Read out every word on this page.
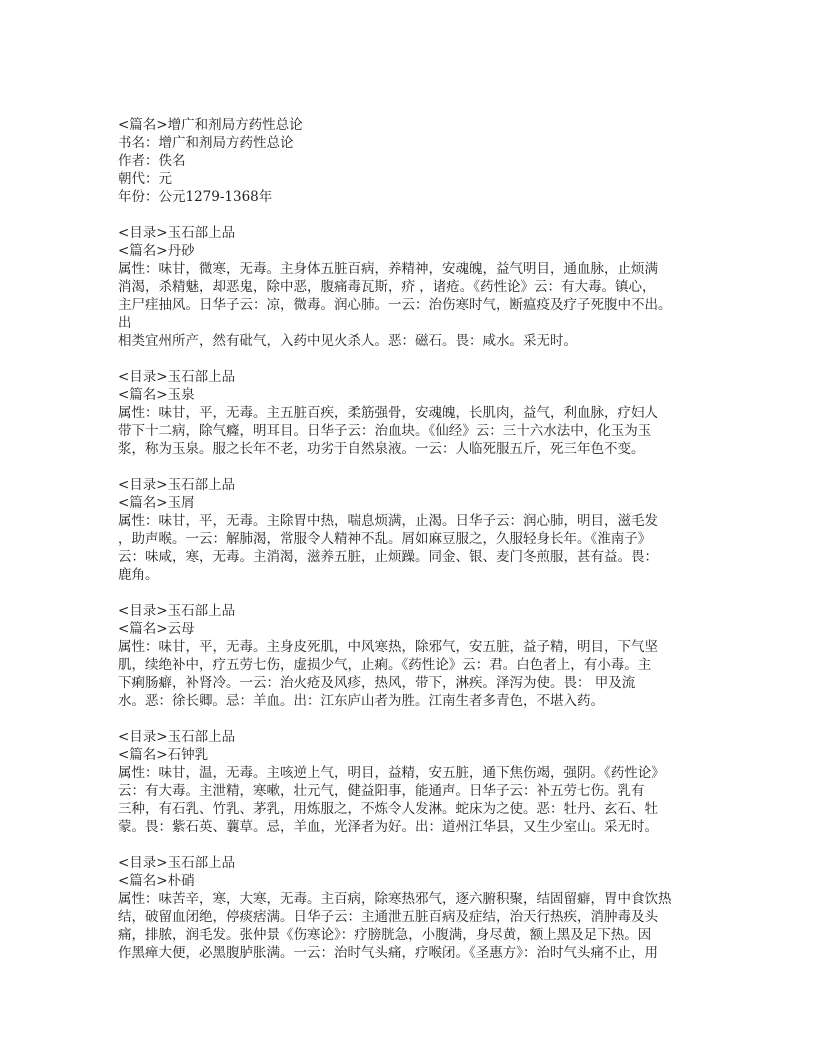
<篇名>增广和剂局方药性总论
书名：增广和剂局方药性总论
作者：佚名
朝代：元
年份：公元1279-1368年
<目录>玉石部上品
<篇名>丹砂
属性：味甘，微寒，无毒。主身体五脏百病，养精神，安魂魄，益气明目，通血脉，止烦满
消渴，杀精魅，却恶鬼，除中恶，腹痛毒瓦斯，疥 ，诸疮。《药性论》云：有大毒。镇心，
主尸疰抽风。日华子云：凉，微毒。润心肺。一云：治伤寒时气，断瘟疫及疗子死腹中不出。
出
相类宜州所产，然有砒气，入药中见火杀人。恶：磁石。畏：咸水。采无时。
<目录>玉石部上品
<篇名>玉泉
属性：味甘，平，无毒。主五脏百疾，柔筋强骨，安魂魄，长肌肉，益气，利血脉，疗妇人
带下十二病，除气癃，明耳目。日华子云：治血块。《仙经》云：三十六水法中，化玉为玉
浆，称为玉泉。服之长年不老，功劣于自然泉液。一云：人临死服五斤，死三年色不变。
<目录>玉石部上品
<篇名>玉屑
属性：味甘，平，无毒。主除胃中热，喘息烦满，止渴。日华子云：润心肺，明目，滋毛发
，助声喉。一云：解肺渴，常服令人精神不乱。屑如麻豆服之，久服轻身长年。《淮南子》
云：味咸，寒，无毒。主消渴，滋养五脏，止烦躁。同金、银、麦门冬煎服，甚有益。畏：
鹿角。
<目录>玉石部上品
<篇名>云母
属性：味甘，平，无毒。主身皮死肌，中风寒热，除邪气，安五脏，益子精，明目，下气坚
肌，续绝补中，疗五劳七伤，虚损少气，止痢。《药性论》云：君。白色者上，有小毒。主
下痢肠癖，补肾冷。一云：治火疮及风疹，热风，带下，淋疾。泽泻为使。畏： 甲及流
水。恶：徐长卿。忌：羊血。出：江东庐山者为胜。江南生者多青色，不堪入药。
<目录>玉石部上品
<篇名>石钟乳
属性：味甘，温，无毒。主咳逆上气，明目，益精，安五脏，通下焦伤竭，强阴。《药性论》
云：有大毒。主泄精，寒嗽，壮元气，健益阳事，能通声。日华子云：补五劳七伤。乳有
三种，有石乳、竹乳、茅乳，用炼服之，不炼令人发淋。蛇床为之使。恶：牡丹、玄石、牡
蒙。畏：紫石英、蘘草。忌，羊血，光泽者为好。出：道州江华县，又生少室山。采无时。
<目录>玉石部上品
<篇名>朴硝
属性：味苦辛，寒，大寒，无毒。主百病，除寒热邪气，逐六腑积聚，结固留癖，胃中食饮热
结，破留血闭绝，停痰痞满。日华子云：主通泄五脏百病及症结，治天行热疾，消肿毒及头
痛，排脓，润毛发。张仲景《伤寒论》：疗膀胱急，小腹满，身尽黄，额上黑及足下热。因
作黑瘅大便，必黑腹胪胀满。一云：治时气头痛，疗喉闭。《圣惠方》：治时气头痛不止，用
